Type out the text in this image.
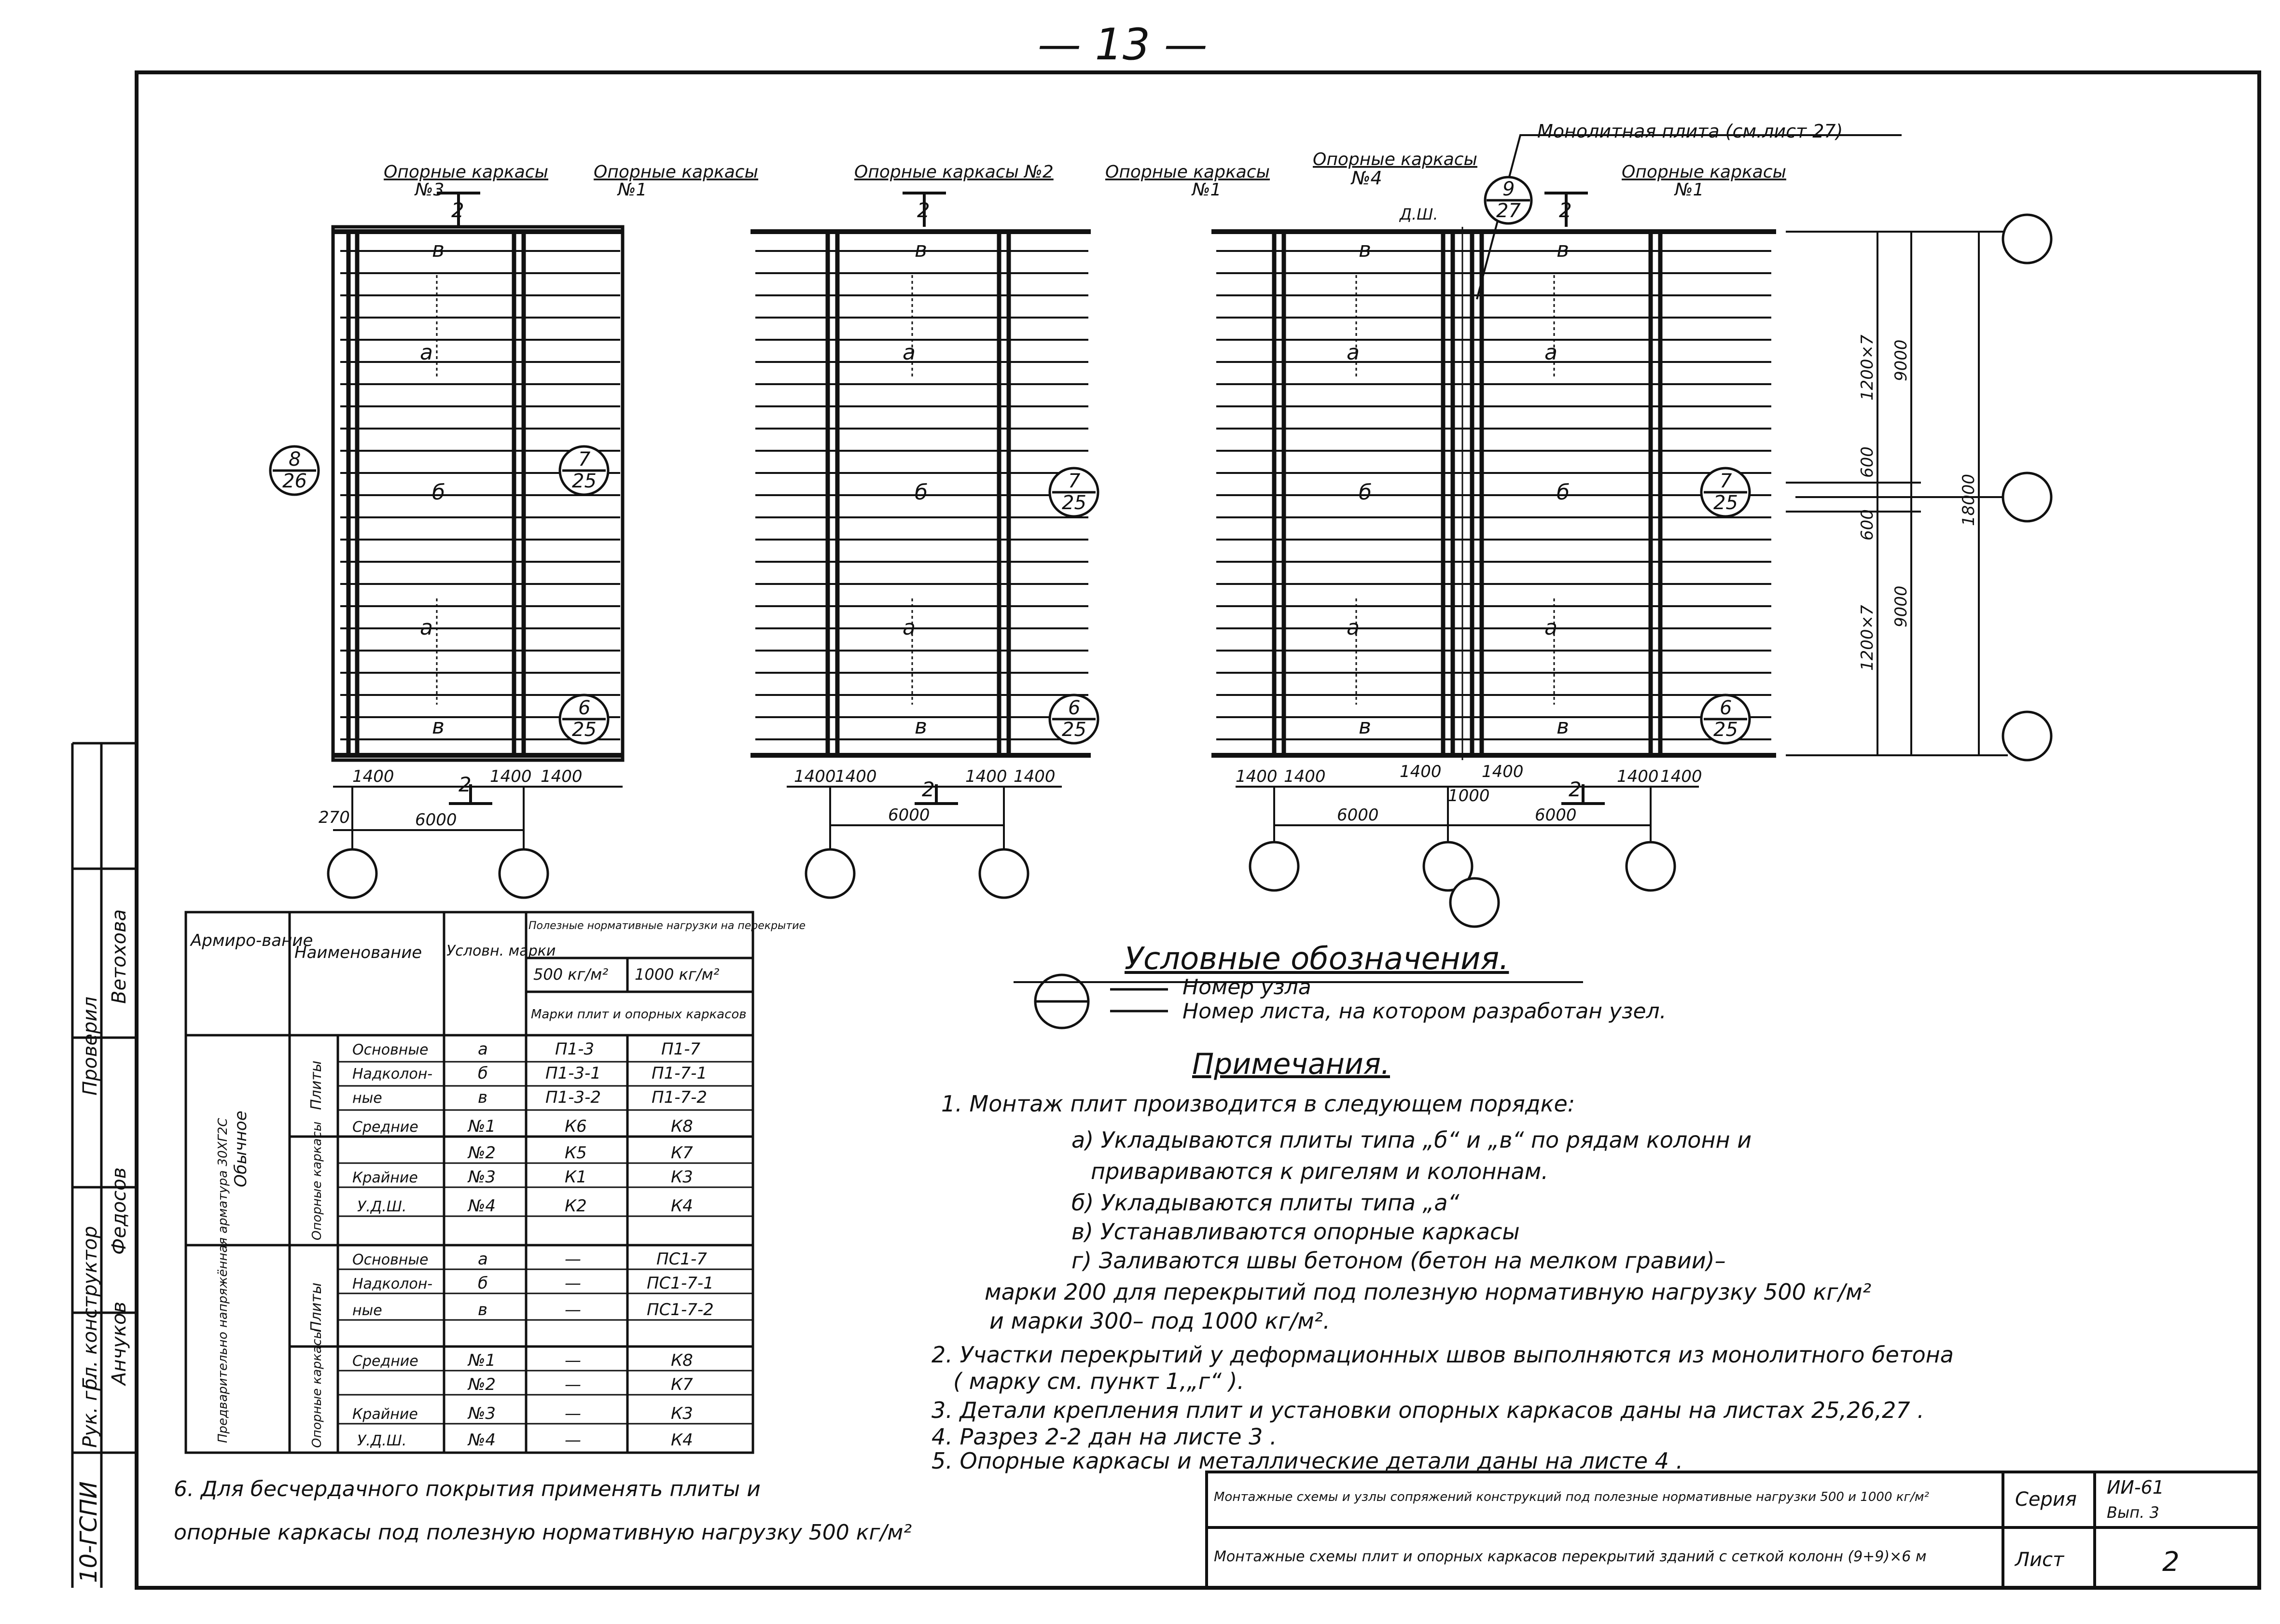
Опорные каркасы
№3
Опорные каркасы
№1
Опорные каркасы №2	Опорные каркасы
№1
Опорные каркасы
№4	Опорные каркасы
№1
Монолитная плита (см.лист 27)
Д.Ш.
2	2	2
2	2	2
в
б
а
а
в
в
б
а
а
в
в
б
а
а
в
в
б
а
а
в
8
26
7
25	7
25
7
25
6
25
6
25
6
25
9
27
270	6000
1400	1400 1400	1400
1400	1400 1400
6000
1400 1400	1400 1400
1000
1400 1400
6000	6000
1200×7 9000
600
600	18000
1200×7 9000
Армиро-вание
Наименование Условн. марки
Полезные нормативные нагрузки на перекрытие
500 кг/м² 1000 кг/м²
Марки плит и опорных каркасов
Обычное
Предварительно напряжённая арматура 30ХГ2С
Плиты
Опорные каркасы
Плиты
Опорные каркасы
Основные	а	П1-3	П1-7
Надколон-	б	П1-3-1	П1-7-1
ные	в	П1-3-2	П1-7-2
Средние	№1	К6	К8
№2	К5	К7
Крайние	№3	К1	К3
У.Д.Ш.	№4	К2	К4
Основные	а	—	ПС1-7
Надколон-	б	—	ПС1-7-1
ные	в	—	ПС1-7-2
Средние	№1	—	К8
№2	—	К7
Крайние	№3	—	К3
У.Д.Ш.	№4	—	К4
10-ГСПИ
Рук. гр.
Гл. конструктор
Проверил
Анчуков
Федосов
Ветохова
Монтажные схемы и узлы сопряжений конструкций под полезные нормативные нагрузки 500 и 1000 кг/м²	Серия
ИИ-61
Вып. 3
Монтажные схемы плит и опорных каркасов перекрытий зданий с сеткой колонн (9+9)×6 м	Лист	2
— 13 —
Условные обозначения.
Номер узла
Номер листа, на котором разработан узел.
Примечания.
1. Монтаж плит производится в следующем порядке:
а) Укладываются плиты типа „б“ и „в“ по рядам колонн и
привариваются к ригелям и колоннам.
б) Укладываются плиты типа „а“
в) Устанавливаются опорные каркасы
г) Заливаются швы бетоном (бетон на мелком гравии)–
марки 200 для перекрытий под полезную нормативную нагрузку 500 кг/м²
и марки 300– под 1000 кг/м².
2. Участки перекрытий у деформационных швов выполняются из монолитного бетона
( марку см. пункт 1,„г“ ).
3. Детали крепления плит и установки опорных каркасов даны на листах 25,26,27 .
4. Разрез 2-2 дан на листе 3 .
5. Опорные каркасы и металлические детали даны на листе 4 .
6. Для бесчердачного покрытия применять плиты и
опорные каркасы под полезную нормативную нагрузку 500 кг/м²
